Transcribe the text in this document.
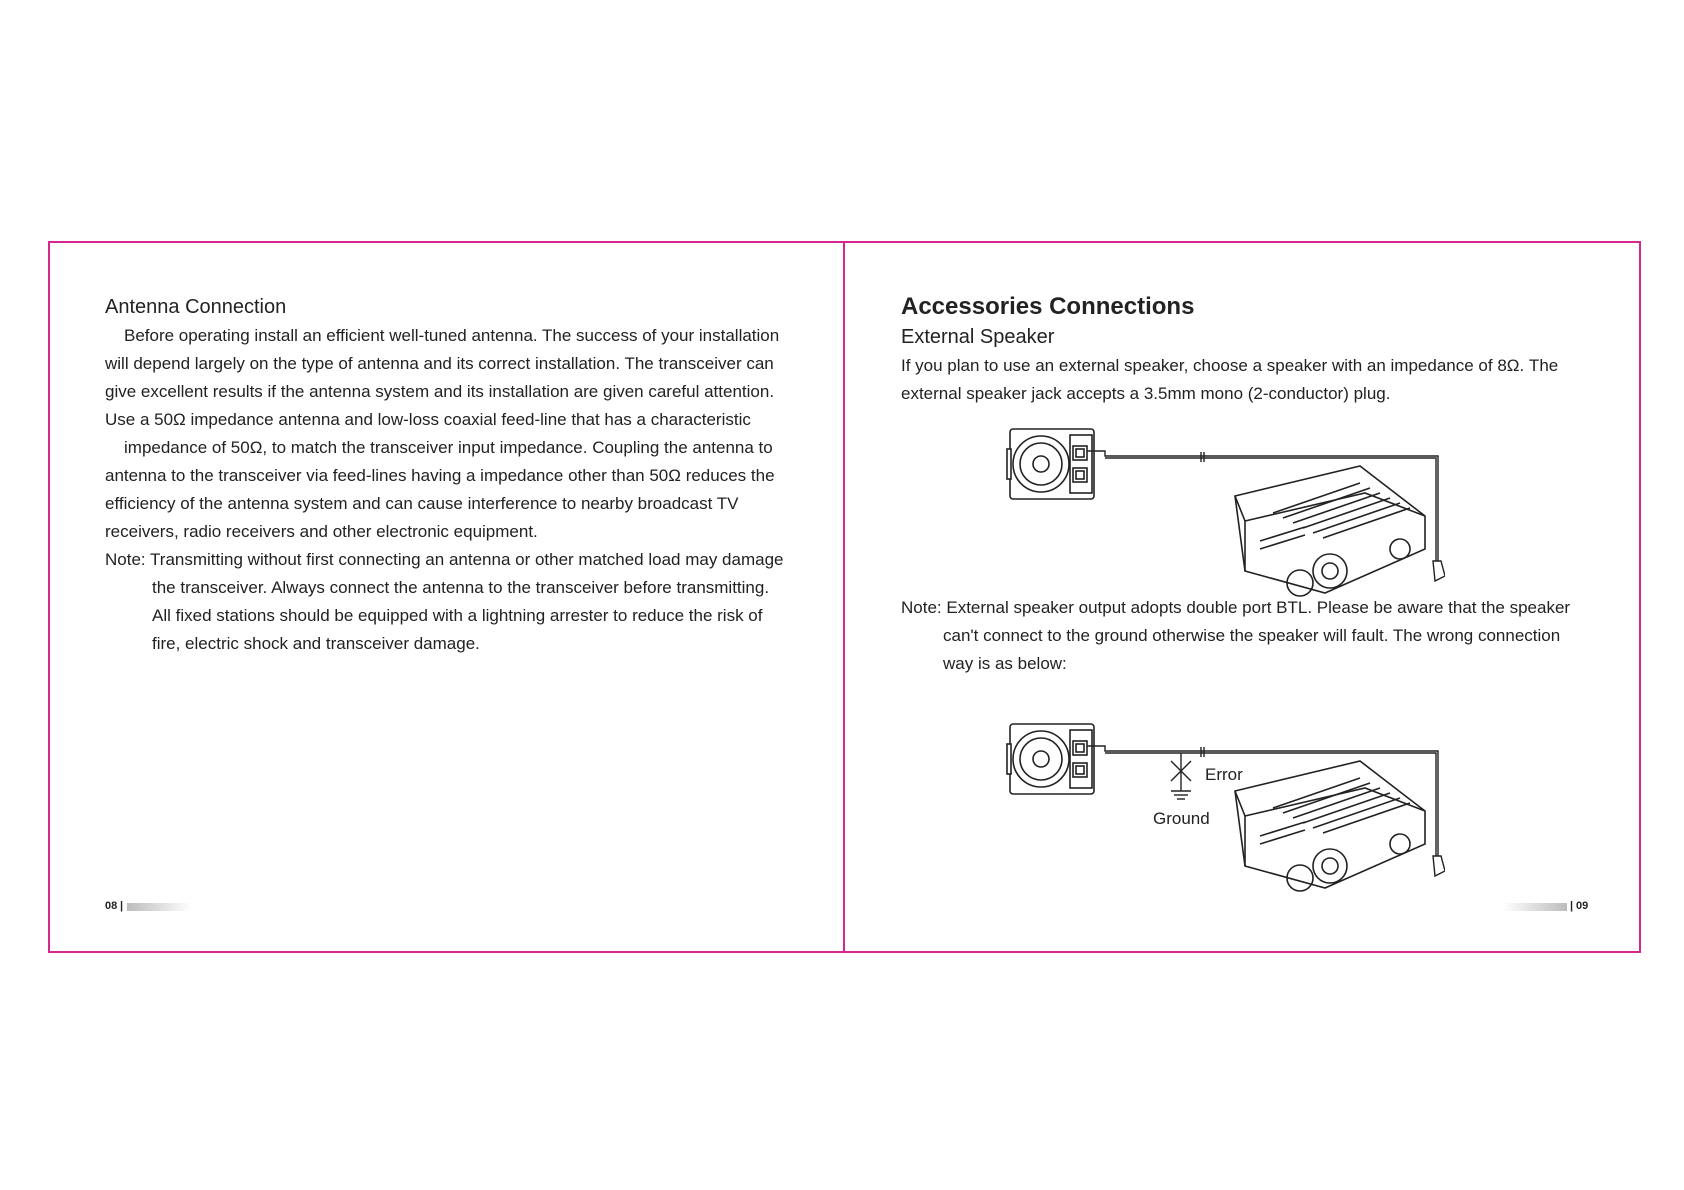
Antenna Connection
Before operating install an efficient well-tuned antenna. The success of your installation
will depend largely on the type of antenna and its correct installation. The transceiver can
give excellent results if the antenna system and its installation are given careful attention.
Use a 50Ω impedance antenna and low-loss coaxial feed-line that has a characteristic
impedance of 50Ω, to match the transceiver input impedance. Coupling the antenna to
antenna to the transceiver via feed-lines having a impedance other than 50Ω reduces the
efficiency of the antenna system and can cause interference to nearby broadcast TV
receivers, radio receivers and other electronic equipment.
Note: Transmitting without first connecting an antenna or other matched load may damage
the transceiver. Always connect the antenna to the transceiver before transmitting.
All fixed stations should be equipped with a lightning arrester to reduce the risk of
fire, electric shock and transceiver damage.
08 |
Accessories Connections
External Speaker
If you plan to use an external speaker, choose a speaker with an impedance of 8Ω. The
external speaker jack accepts a 3.5mm mono (2-conductor) plug.
Note: External speaker output adopts double port BTL. Please be aware that the speaker
can't connect to the ground otherwise the speaker will fault. The wrong connection
way is as below:
Error
Ground
| 09
